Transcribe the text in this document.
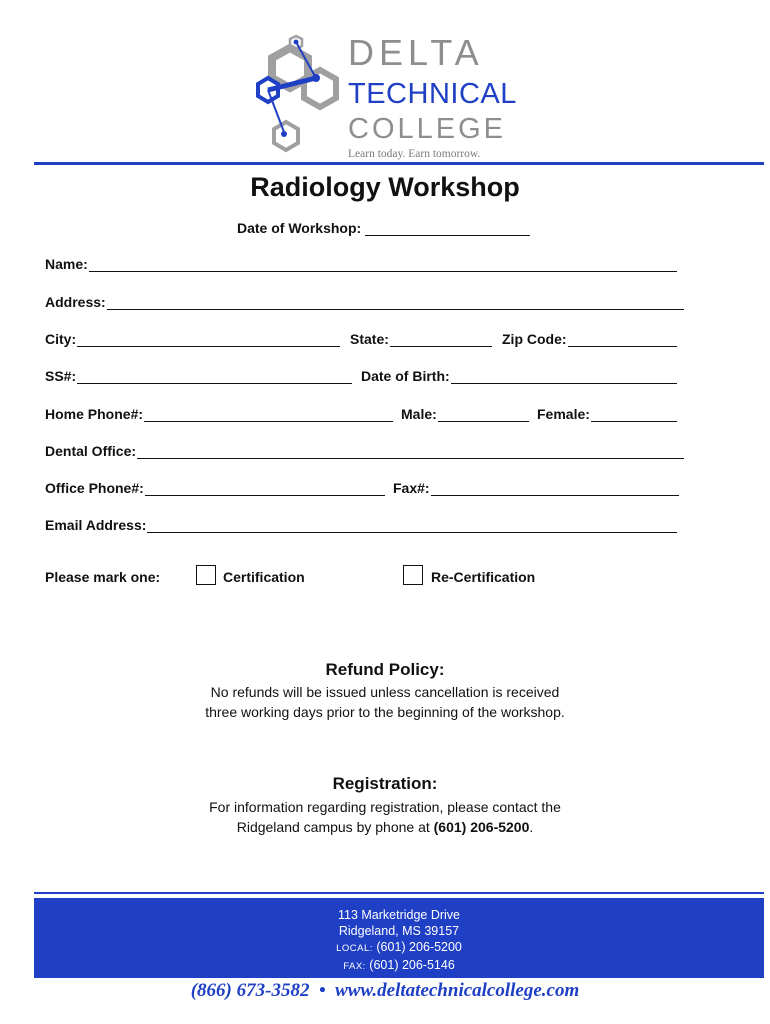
DELTA
TECHNICAL
COLLEGE
Learn today. Earn tomorrow.
Radiology Workshop
Date of Workshop:
Name:
Address:
City:	State:	Zip Code:
SS#:	Date of Birth:
Home Phone#:	Male:	Female:
Dental Office:
Office Phone#:	Fax#:
Email Address:
Please mark one:	Certification	Re-Certification
Refund Policy:
No refunds will be issued unless cancellation is received
three working days prior to the beginning of the workshop.
Registration:
For information regarding registration, please contact the
Ridgeland campus by phone at (601) 206-5200.
113 Marketridge Drive
Ridgeland, MS 39157
LOCAL: (601) 206-5200
FAX: (601) 206-5146
(866) 673-3582 • www.deltatechnicalcollege.com
